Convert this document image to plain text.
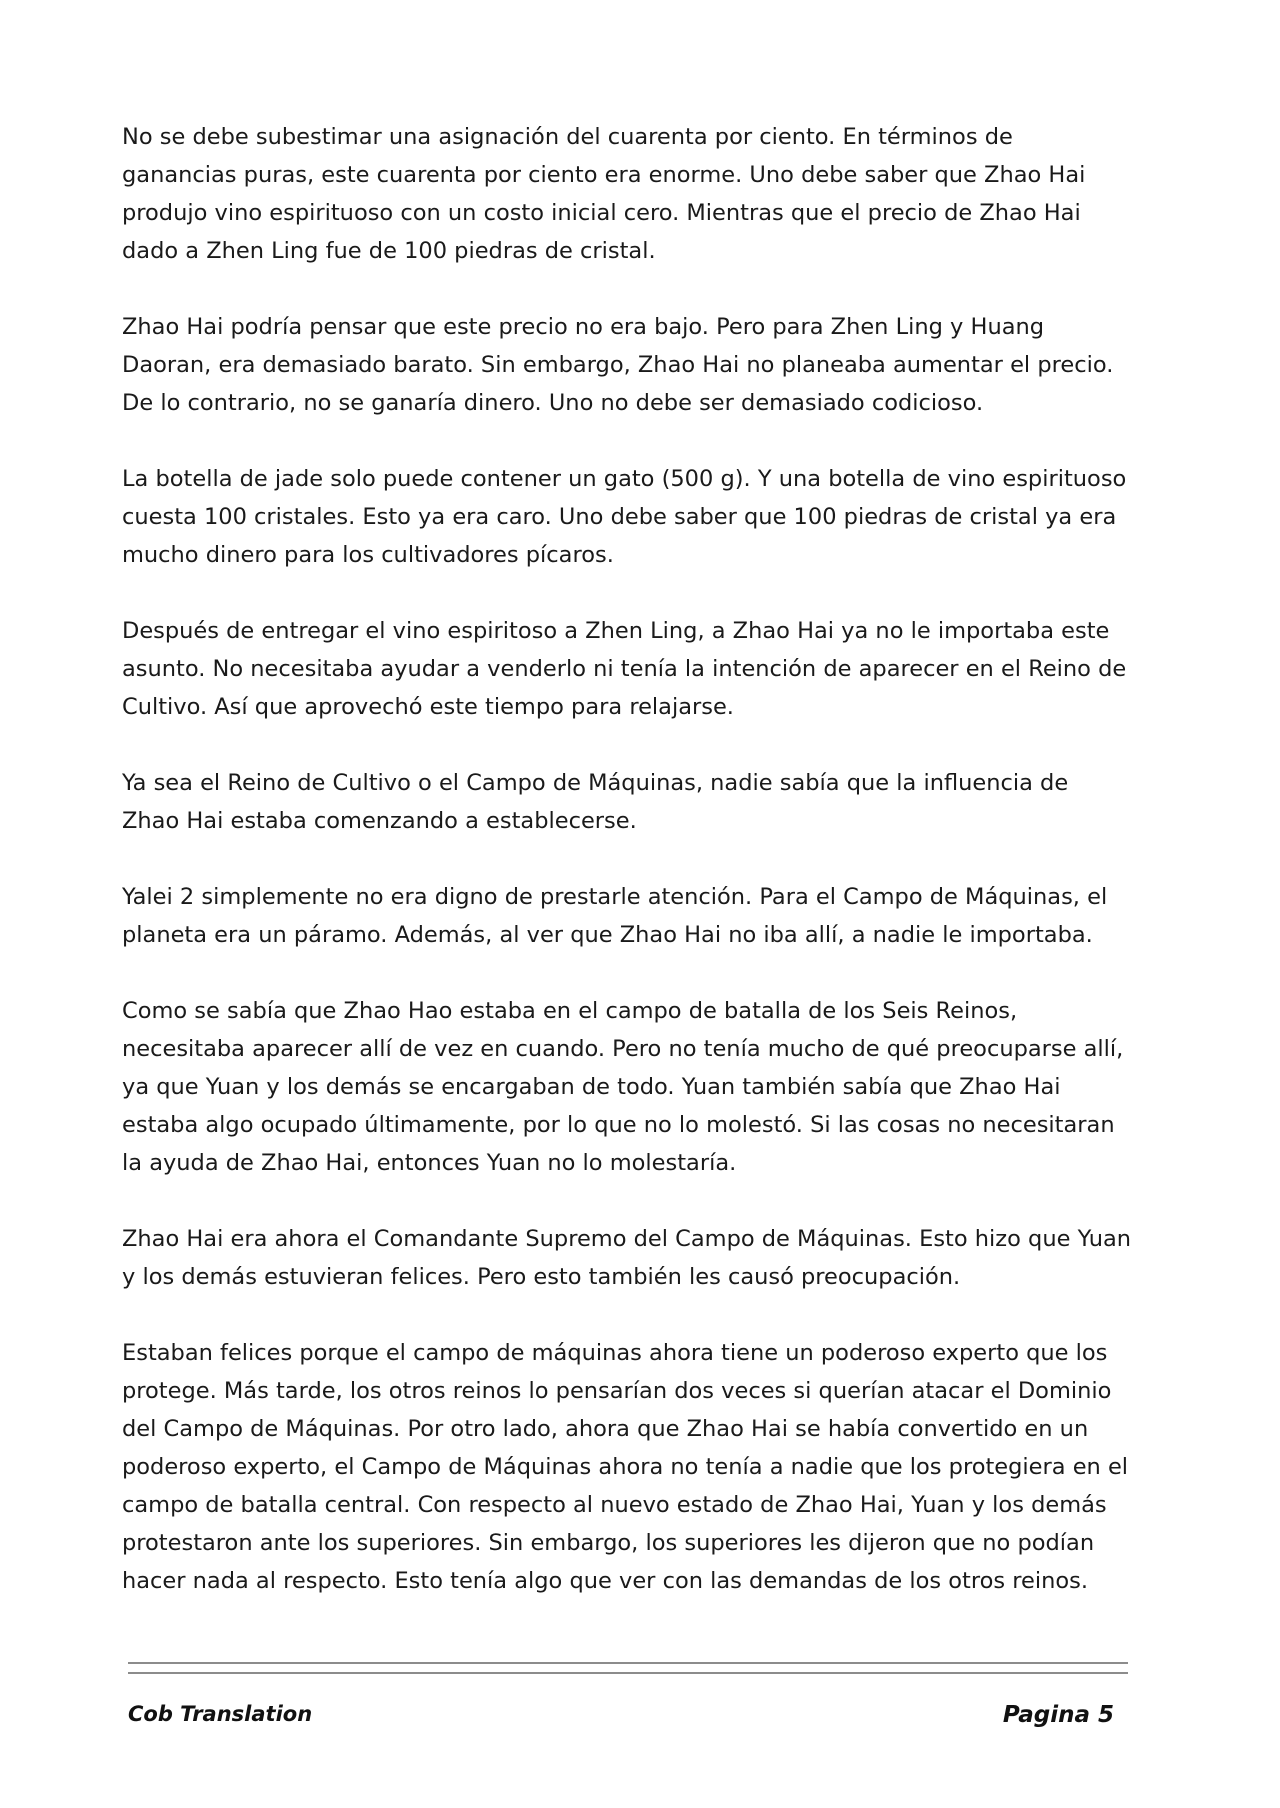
No se debe subestimar una asignación del cuarenta por ciento. En términos de ganancias puras, este cuarenta por ciento era enorme. Uno debe saber que Zhao Hai produjo vino espirituoso con un costo inicial cero. Mientras que el precio de Zhao Hai dado a Zhen Ling fue de 100 piedras de cristal.

Zhao Hai podría pensar que este precio no era bajo. Pero para Zhen Ling y Huang Daoran, era demasiado barato. Sin embargo, Zhao Hai no planeaba aumentar el precio. De lo contrario, no se ganaría dinero. Uno no debe ser demasiado codicioso.

La botella de jade solo puede contener un gato (500 g). Y una botella de vino espirituoso cuesta 100 cristales. Esto ya era caro. Uno debe saber que 100 piedras de cristal ya era mucho dinero para los cultivadores pícaros.

Después de entregar el vino espiritoso a Zhen Ling, a Zhao Hai ya no le importaba este asunto. No necesitaba ayudar a venderlo ni tenía la intención de aparecer en el Reino de Cultivo. Así que aprovechó este tiempo para relajarse.

Ya sea el Reino de Cultivo o el Campo de Máquinas, nadie sabía que la influencia de Zhao Hai estaba comenzando a establecerse.

Yalei 2 simplemente no era digno de prestarle atención. Para el Campo de Máquinas, el planeta era un páramo. Además, al ver que Zhao Hai no iba allí, a nadie le importaba.

Como se sabía que Zhao Hao estaba en el campo de batalla de los Seis Reinos, necesitaba aparecer allí de vez en cuando. Pero no tenía mucho de qué preocuparse allí, ya que Yuan y los demás se encargaban de todo. Yuan también sabía que Zhao Hai estaba algo ocupado últimamente, por lo que no lo molestó. Si las cosas no necesitaran la ayuda de Zhao Hai, entonces Yuan no lo molestaría.

Zhao Hai era ahora el Comandante Supremo del Campo de Máquinas. Esto hizo que Yuan y los demás estuvieran felices. Pero esto también les causó preocupación.

Estaban felices porque el campo de máquinas ahora tiene un poderoso experto que los protege. Más tarde, los otros reinos lo pensarían dos veces si querían atacar el Dominio del Campo de Máquinas. Por otro lado, ahora que Zhao Hai se había convertido en un poderoso experto, el Campo de Máquinas ahora no tenía a nadie que los protegiera en el campo de batalla central. Con respecto al nuevo estado de Zhao Hai, Yuan y los demás protestaron ante los superiores. Sin embargo, los superiores les dijeron que no podían hacer nada al respecto. Esto tenía algo que ver con las demandas de los otros reinos.

Cob Translation	Pagina 5
